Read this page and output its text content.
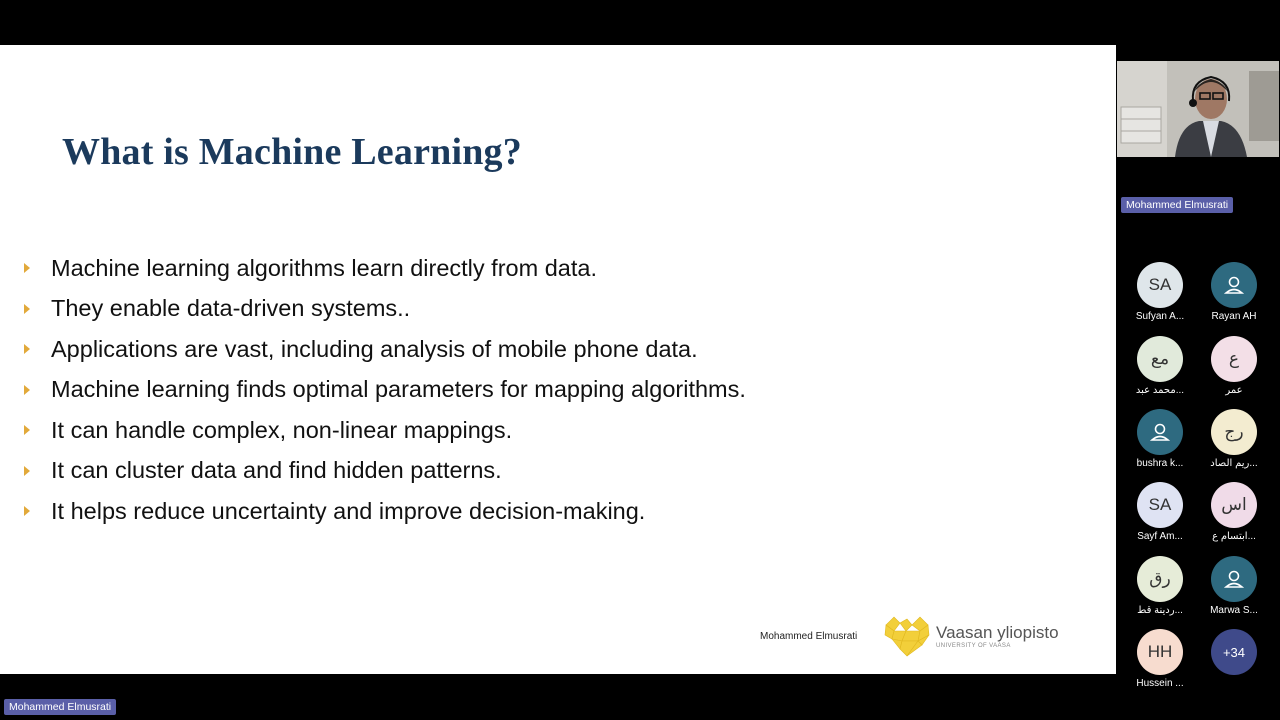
What is Machine Learning?
Machine learning algorithms learn directly from data.
They enable data-driven systems..
Applications are vast, including analysis of mobile phone data.
Machine learning finds optimal parameters for mapping algorithms.
It can handle complex, non-linear mappings.
It can cluster data and find hidden patterns.
It helps reduce uncertainty and improve decision-making.
Mohammed Elmusrati	Vaasan yliopisto
UNIVERSITY OF VAASA
Mohammed Elmusrati
Mohammed Elmusrati
SA
Sufyan A...	Rayan AH
مع
محمد عبد...
ع
عمر
bushra k...
رج
ريم الصاد...
SA
Sayf Am...
اس
ابتسام ع...
رق
ردينة قط...	Marwa S...
HH
Hussein ...
+34
